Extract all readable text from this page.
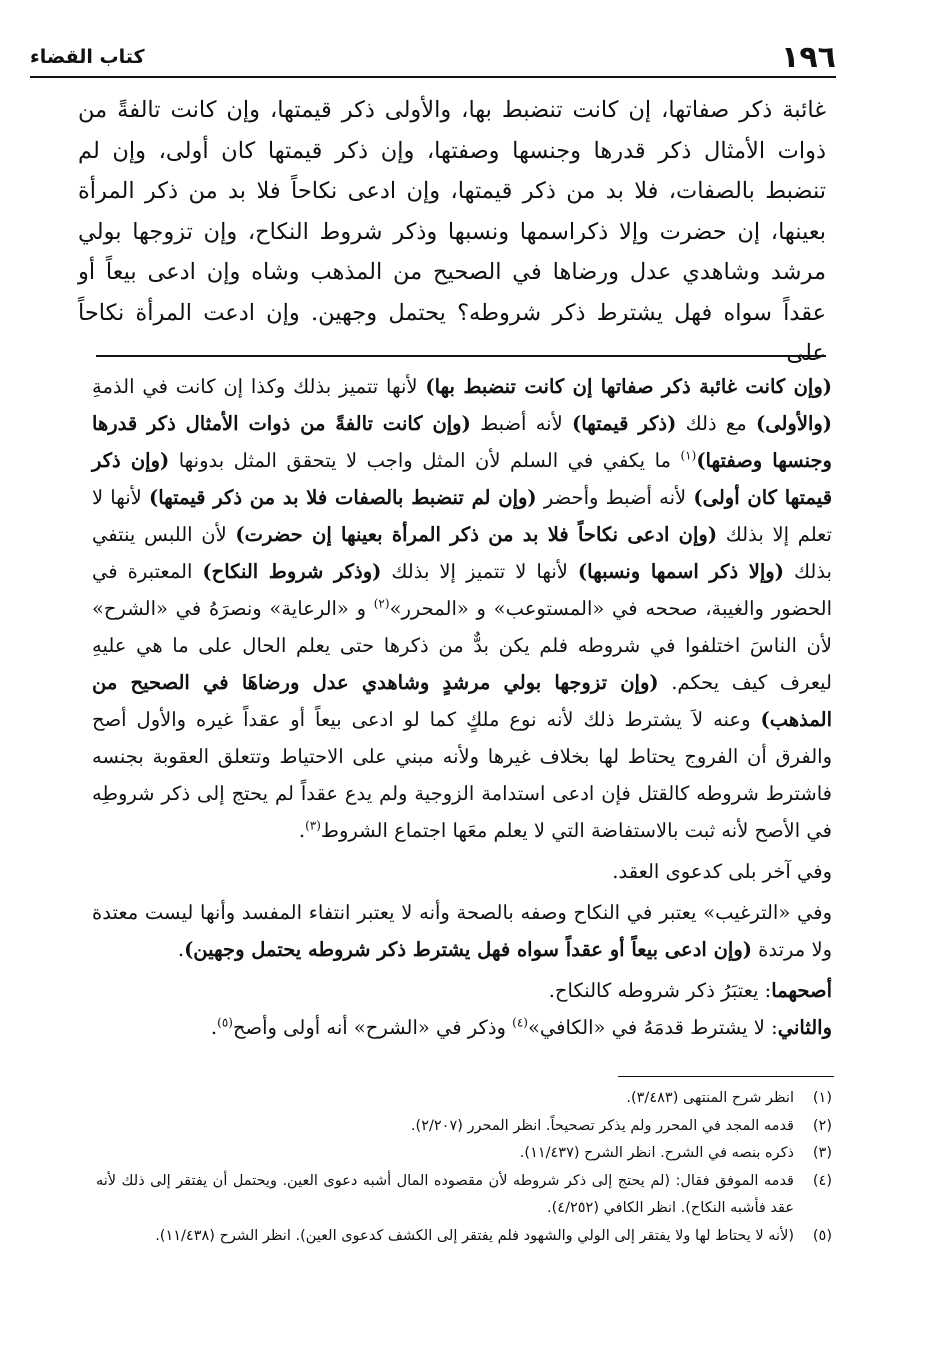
١٩٦
كتاب القضاء
غائبة ذكر صفاتها، إن كانت تنضبط بها، والأولى ذكر قيمتها، وإن كانت تالفةً من ذوات الأمثال ذكر قدرها وجنسها وصفتها، وإن ذكر قيمتها كان أولى، وإن لم تنضبط بالصفات، فلا بد من ذكر قيمتها، وإن ادعى نكاحاً فلا بد من ذكر المرأة بعينها، إن حضرت وإلا ذكراسمها ونسبها وذكر شروط النكاح، وإن تزوجها بولي مرشد وشاهدي عدل ورضاها في الصحيح من المذهب وشاه وإن ادعى بيعاً أو عقداً سواه فهل يشترط ذكر شروطه؟ يحتمل وجهين. وإن ادعت المرأة نكاحاً على

(وإن كانت غائبة ذكر صفاتها إن كانت تنضبط بها) لأنها تتميز بذلك وكذا إن كانت في الذمةِ (والأولى) مع ذلك (ذكر قيمتها) لأنه أضبط (وإن كانت تالفةً من ذوات الأمثال ذكر قدرها وجنسها وصفتها)$^{(١)}$ ما يكفي في السلم لأن المثل واجب لا يتحقق المثل بدونها (وإن ذكر قيمتها كان أولى) لأنه أضبط وأحضر (وإن لم تنضبط بالصفات فلا بد من ذكر قيمتها) لأنها لا تعلم إلا بذلك (وإن ادعى نكاحاً فلا بد من ذكر المرأة بعينها إن حضرت) لأن اللبس ينتفي بذلك (وإلا ذكر اسمها ونسبها) لأنها لا تتميز إلا بذلك (وذكر شروط النكاح) المعتبرة في الحضور والغيبة، صححه في «المستوعب» و «المحرر»$^{(٢)}$ و «الرعاية» ونصرَهُ في «الشرح» لأن الناسَ اختلفوا في شروطه فلم يكن بدٌّ من ذكرها حتى يعلم الحال على ما هي عليهِ ليعرف كيف يحكم. (وإن تزوجها بولي مرشدٍ وشاهدي عدل ورضاهَا في الصحيح من المذهب) وعنه لاَ يشترط ذلك لأنه نوع ملكٍ كما لو ادعى بيعاً أو عقداً غيره والأول أصح والفرق أن الفروج يحتاط لها بخلاف غيرها ولأنه مبني على الاحتياط وتتعلق العقوبة بجنسه فاشترط شروطه كالقتل فإن ادعى استدامة الزوجية ولم يدع عقداً لم يحتج إلى ذكر شروطِه في الأصح لأنه ثبت بالاستفاضة التي لا يعلم معَها اجتماع الشروط$^{(٣)}$.

وفي آخر بلى كدعوى العقد.

وفي «الترغيب» يعتبر في النكاح وصفه بالصحة وأنه لا يعتبر انتفاء المفسد وأنها ليست معتدة ولا مرتدة (وإن ادعى بيعاً أو عقداً سواه فهل يشترط ذكر شروطه يحتمل وجهين).

أصحهما: يعتبَرُ ذكر شروطه كالنكاح.

والثاني: لا يشترط قدمَهُ في «الكافي»$^{(٤)}$ وذكر في «الشرح» أنه أولى وأصح$^{(٥)}$.

(١)
انظر شرح المنتهى (٣/٤٨٣).
(٢)
قدمه المجد في المحرر ولم يذكر تصحيحاً. انظر المحرر (٢/٢٠٧).
(٣)
ذكره بنصه في الشرح. انظر الشرح (١١/٤٣٧).
(٤)
قدمه الموفق فقال: (لم يحتج إلى ذكر شروطه لأن مقصوده المال أشبه دعوى العين. ويحتمل أن يفتقر إلى ذلك لأنه عقد فأشبه النكاح). انظر الكافي (٤/٢٥٢).
(٥)
(لأنه لا يحتاط لها ولا يفتقر إلى الولي والشهود فلم يفتقر إلى الكشف كدعوى العين). انظر الشرح (١١/٤٣٨).
